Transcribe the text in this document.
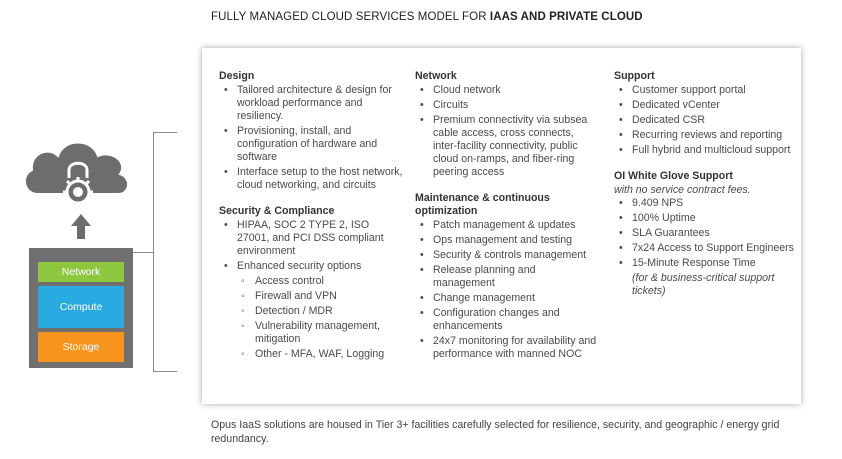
FULLY MANAGED CLOUD SERVICES MODEL FOR IAAS AND PRIVATE CLOUD
Network
Compute
Storage
Design
• Tailored architecture & design for workload performance and resiliency.
• Provisioning, install, and configuration of hardware and software
• Interface setup to the host network, cloud networking, and circuits
Security & Compliance
• HIPAA, SOC 2 TYPE 2, ISO 27001, and PCI DSS compliant environment
• Enhanced security options
◦ Access control
◦ Firewall and VPN
◦ Detection / MDR
◦ Vulnerability management, mitigation
◦ Other - MFA, WAF, Logging
Network
• Cloud network
• Circuits
• Premium connectivity via subsea cable access, cross connects, inter-facility connectivity, public cloud on-ramps, and fiber-ring peering access
Maintenance & continuous optimization
• Patch management & updates
• Ops management and testing
• Security & controls management
• Release planning and management
• Change management
• Configuration changes and enhancements
• 24x7 monitoring for availability and performance with manned NOC
Support
• Customer support portal
• Dedicated vCenter
• Dedicated CSR
• Recurring reviews and reporting
• Full hybrid and multicloud support
OI White Glove Support
with no service contract fees.
• 9.409 NPS
• 100% Uptime
• SLA Guarantees
• 7x24 Access to Support Engineers
• 15-Minute Response Time
(for & business-critical support tickets)
Opus IaaS solutions are housed in Tier 3+ facilities carefully selected for resilience, security, and geographic / energy grid redundancy.
